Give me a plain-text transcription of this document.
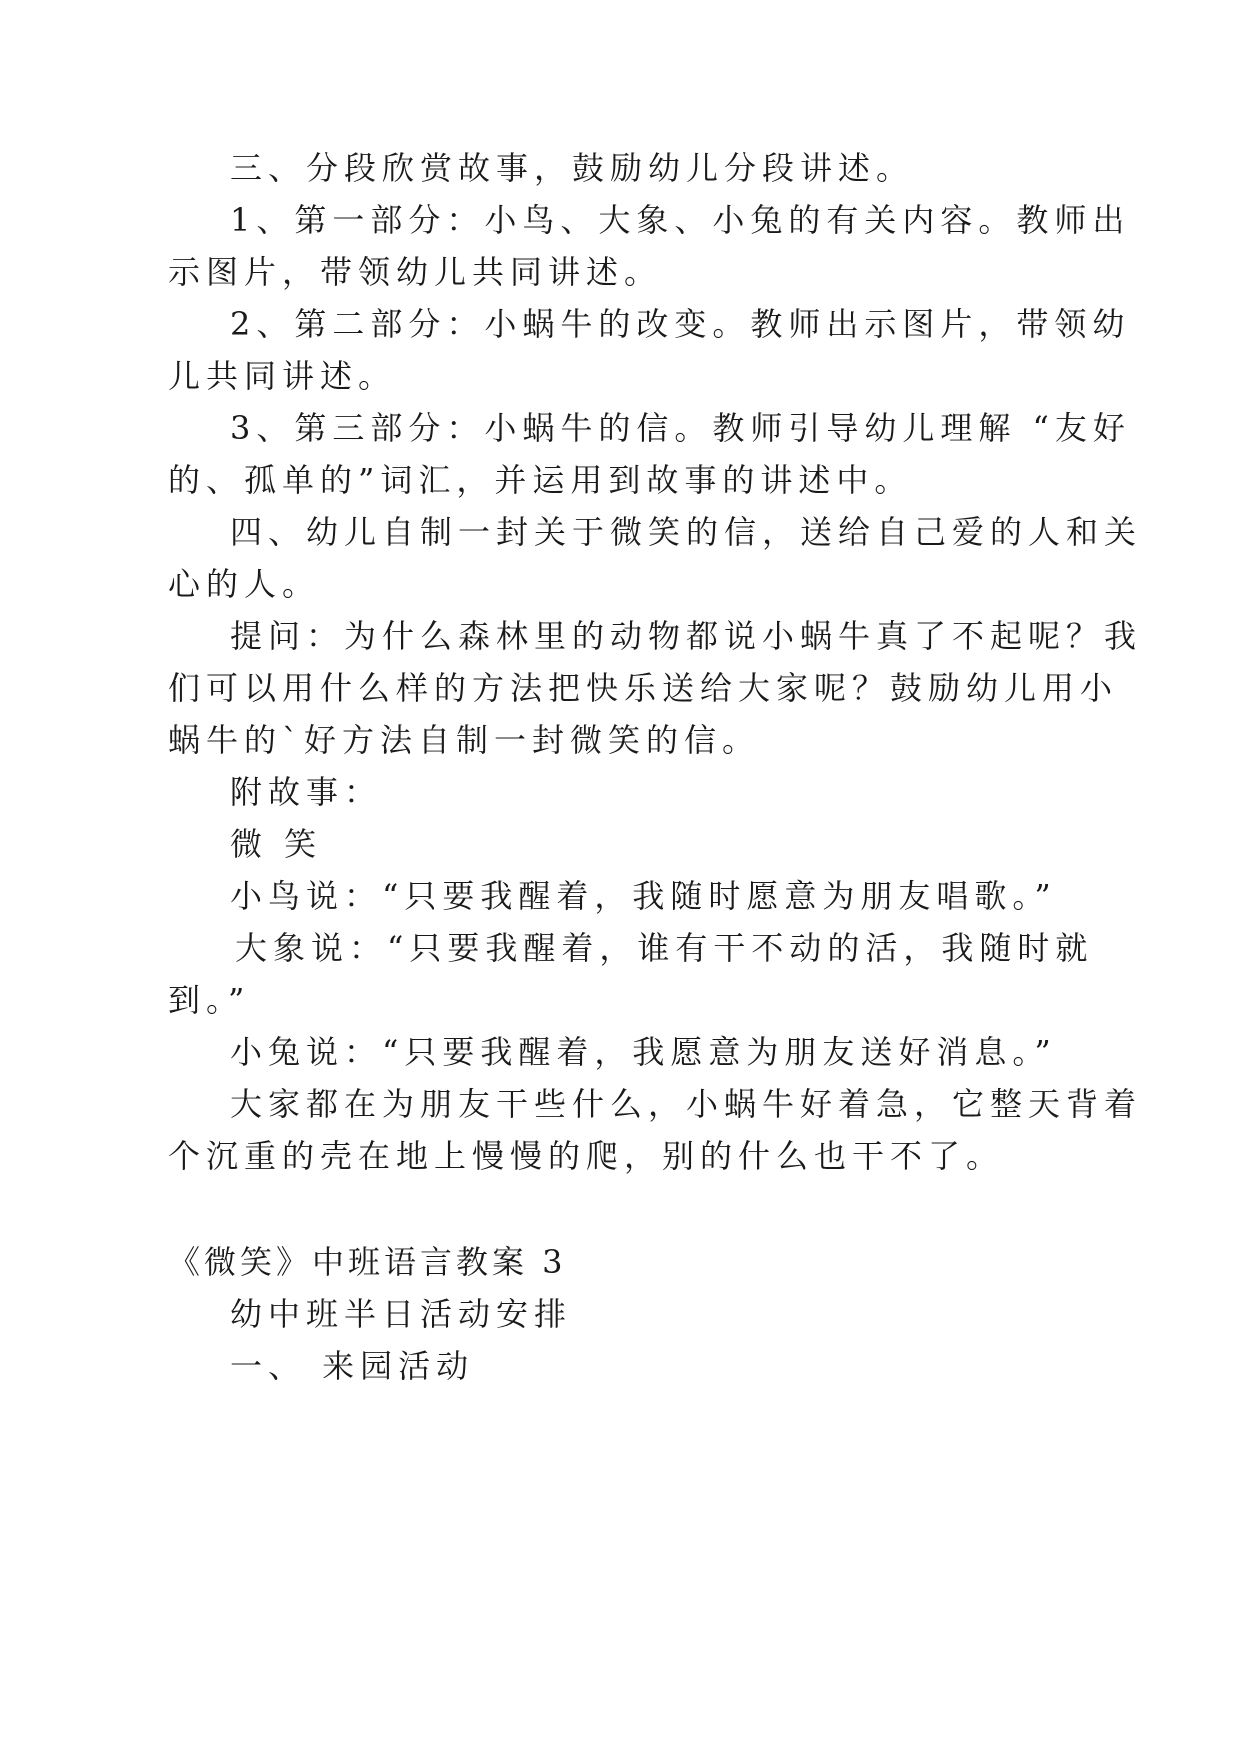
三、分段欣赏故事，鼓励幼儿分段讲述。
1、第一部分：小鸟、大象、小兔的有关内容。教师出
示图片，带领幼儿共同讲述。
2、第二部分：小蜗牛的改变。教师出示图片，带领幼
儿共同讲述。
3、第三部分：小蜗牛的信。教师引导幼儿理解 “友好
的、孤单的”词汇，并运用到故事的讲述中。
四、幼儿自制一封关于微笑的信，送给自己爱的人和关
心的人。
提问：为什么森林里的动物都说小蜗牛真了不起呢？我
们可以用什么样的方法把快乐送给大家呢？鼓励幼儿用小
蜗牛的`好方法自制一封微笑的信。
附故事：
微 笑
小鸟说：“只要我醒着，我随时愿意为朋友唱歌。”
大象说：“只要我醒着，谁有干不动的活，我随时就
到。”
小兔说：“只要我醒着，我愿意为朋友送好消息。”
大家都在为朋友干些什么，小蜗牛好着急，它整天背着
个沉重的壳在地上慢慢的爬，别的什么也干不了。
《微笑》中班语言教案 3
幼中班半日活动安排
一、 来园活动
